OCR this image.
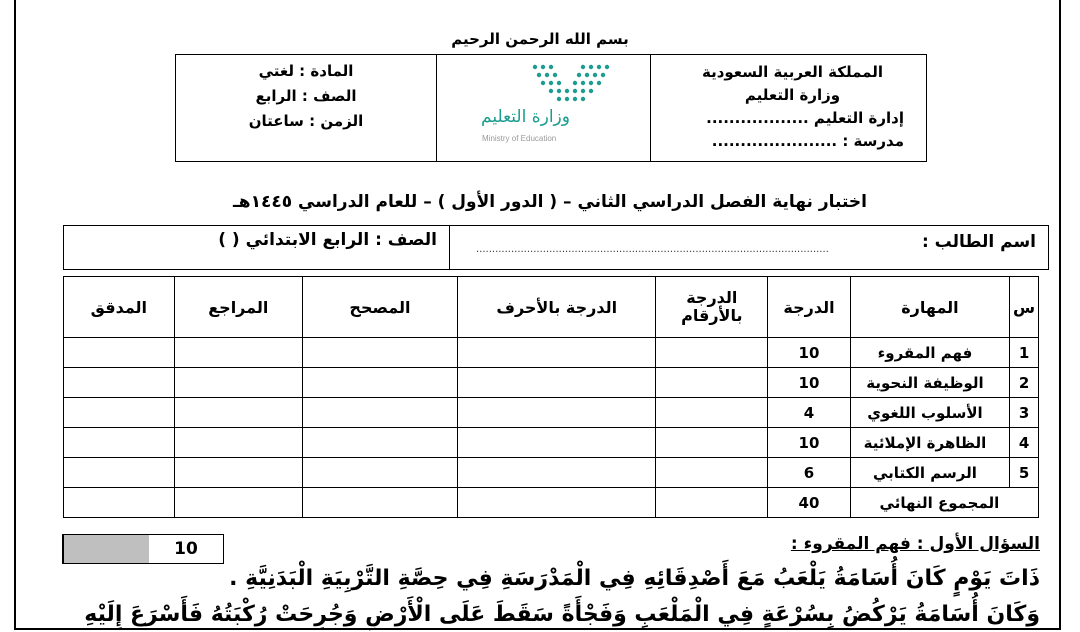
بسم الله الرحمن الرحيم
المملكة العربية السعودية
وزارة التعليم
إدارة التعليم ..................
مدرسة : ......................
وزارة التعليم
Ministry of Education
المادة : لغتي
الصف : الرابع
الزمن : ساعتان
اختبار نهاية الفصل الدراسي الثاني – ( الدور الأول ) – للعام الدراسي ١٤٤٥هـ
اسم الطالب :
...............................................................................................................
الصف : الرابع الابتدائي ( )
س	المهارة	الدرجة	الدرجة بالأرقام	الدرجة بالأحرف	المصحح	المراجع	المدقق
1	فهم المقروء	10					
2	الوظيفة النحوية	10					
3	الأسلوب اللغوي	4					
4	الظاهرة الإملائية	10					
5	الرسم الكتابي	6					
المجموع النهائي		40					
السؤال الأول : فهم المقروء :
10
ذَاتَ يَوْمٍ كَانَ أُسَامَةُ يَلْعَبُ مَعَ أَصْدِقَائِهِ فِي الْمَدْرَسَةِ فِي حِصَّةِ التَّرْبِيَةِ الْبَدَنِيَّةِ .
وَكَانَ أُسَامَةُ يَرْكُضُ بِسُرْعَةٍ فِي الْمَلْعَبِ وَفَجْأَةً سَقَطَ عَلَى الْأَرْضِ وَجُرِحَتْ رُكْبَتُهُ فَأَسْرَعَ إِلَيْهِ
